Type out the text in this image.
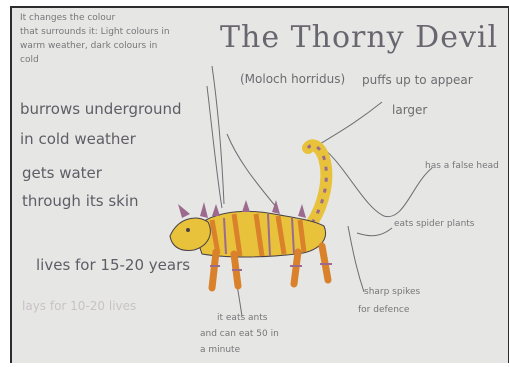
The Thorny Devil
(Moloch horridus)
It changes the colour
that surrounds it: Light colours in
warm weather, dark colours in
cold
puffs up to appear
larger
burrows underground
in cold weather
gets water
through its skin
has a false head
eats spider plants
lives for 15-20 years
lays for 10-20 lives
sharp spikes
for defence
it eats ants
and can eat 50 in
a minute
